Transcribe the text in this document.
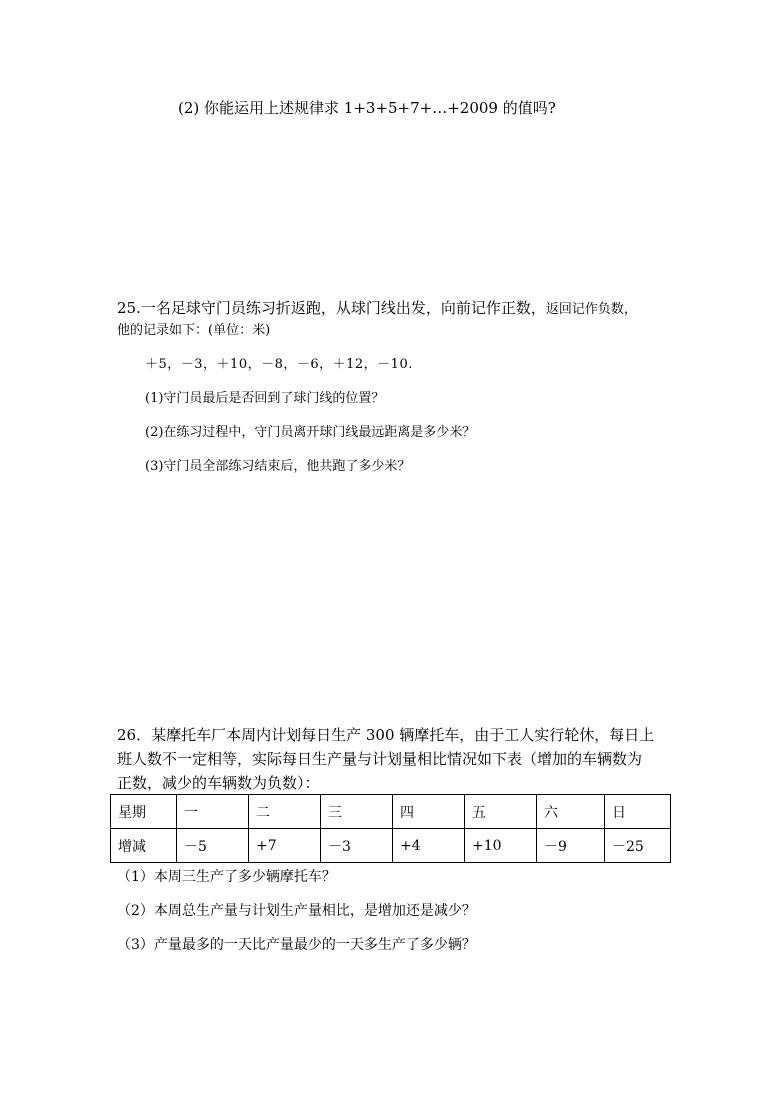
(2) 你能运用上述规律求 1+3+5+7+…+2009 的值吗?
25.一名足球守门员练习折返跑，从球门线出发，向前记作正数，返回记作负数，
他的记录如下：(单位：米)
＋5，－3，＋10，－8，－6，＋12，－10.
(1)守门员最后是否回到了球门线的位置？
(2)在练习过程中，守门员离开球门线最远距离是多少米？
(3)守门员全部练习结束后，他共跑了多少米？
26．某摩托车厂本周内计划每日生产 300 辆摩托车，由于工人实行轮休，每日上
班人数不一定相等，实际每日生产量与计划量相比情况如下表（增加的车辆数为
正数，减少的车辆数为负数）：
星期	一	二	三	四	五	六	日
增减	－5	+7	－3	+4	+10	－9	－25
（1）本周三生产了多少辆摩托车？
（2）本周总生产量与计划生产量相比，是增加还是减少？
（3）产量最多的一天比产量最少的一天多生产了多少辆？
